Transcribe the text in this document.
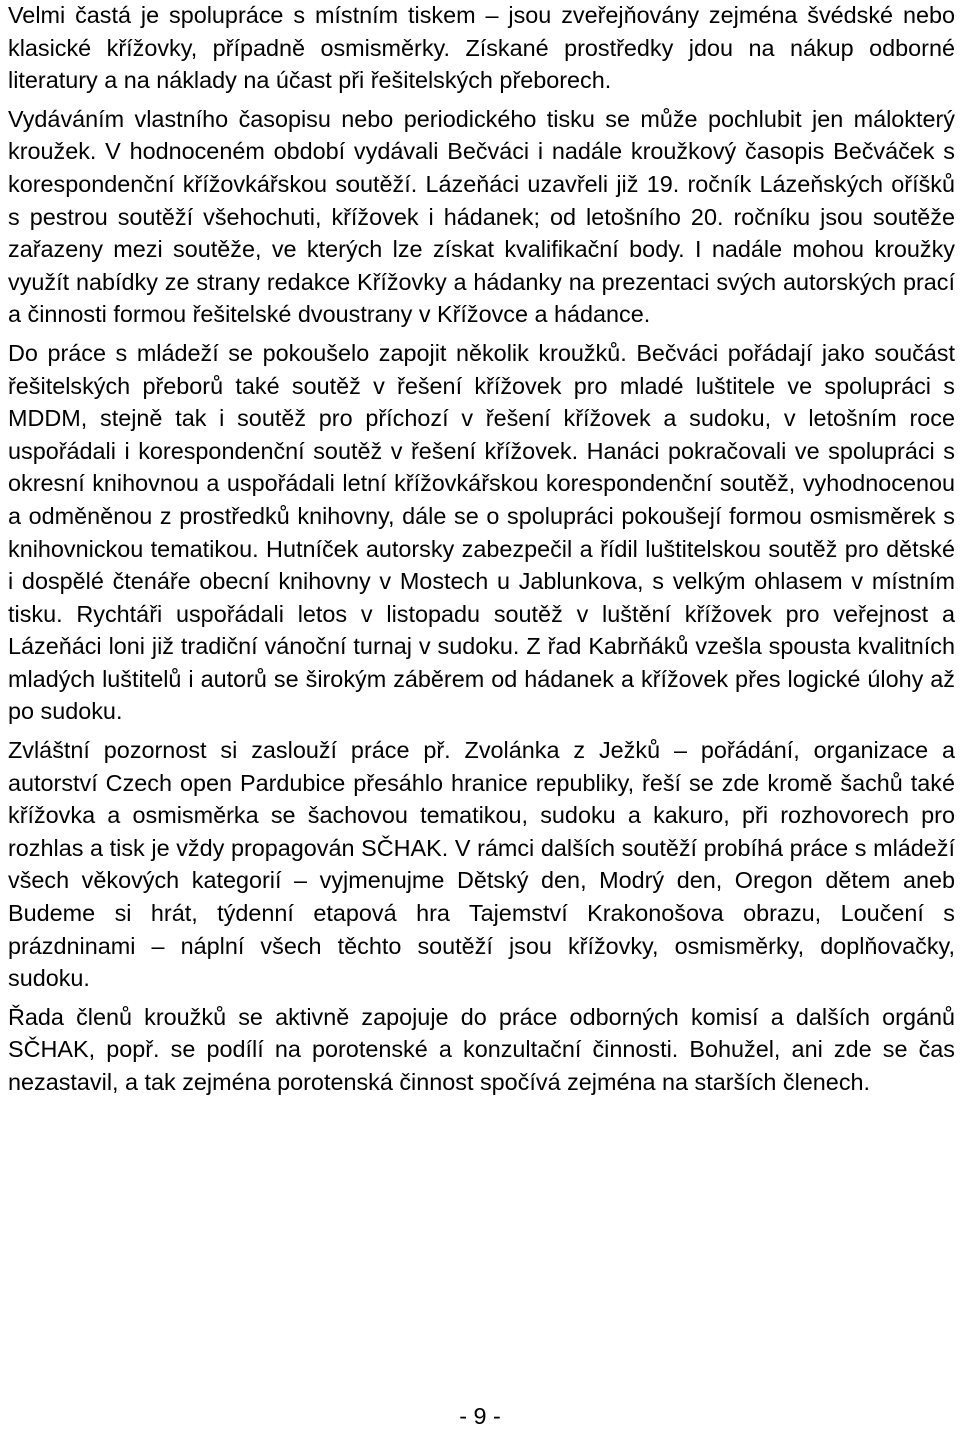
Velmi častá je spolupráce s místním tiskem – jsou zveřejňovány zejména švédské nebo klasické křížovky, případně osmisměrky. Získané prostředky jdou na nákup odborné literatury a na náklady na účast při řešitelských přeborech.

Vydáváním vlastního časopisu nebo periodického tisku se může pochlubit jen málokterý kroužek. V hodnoceném období vydávali Bečváci i nadále kroužkový časopis Bečváček s korespondenční křížovkářskou soutěží. Lázeňáci uzavřeli již 19. ročník Lázeňských oříšků s pestrou soutěží všehochuti, křížovek i hádanek; od letošního 20. ročníku jsou soutěže zařazeny mezi soutěže, ve kterých lze získat kvalifikační body. I nadále mohou kroužky využít nabídky ze strany redakce Křížovky a hádanky na prezentaci svých autorských prací a činnosti formou řešitelské dvoustrany v Křížovce a hádance.

Do práce s mládeží se pokoušelo zapojit několik kroužků. Bečváci pořádají jako součást řešitelských přeborů také soutěž v řešení křížovek pro mladé luštitele ve spolupráci s MDDM, stejně tak i soutěž pro příchozí v řešení křížovek a sudoku, v letošním roce uspořádali i korespondenční soutěž v řešení křížovek. Hanáci pokračovali ve spolupráci s okresní knihovnou a uspořádali letní křížovkářskou korespondenční soutěž, vyhodnocenou a odměněnou z prostředků knihovny, dále se o spolupráci pokoušejí formou osmisměrek s knihovnickou tematikou. Hutníček autorsky zabezpečil a řídil luštitelskou soutěž pro dětské i dospělé čtenáře obecní knihovny v Mostech u Jablunkova, s velkým ohlasem v místním tisku. Rychtáři uspořádali letos v listopadu soutěž v luštění křížovek pro veřejnost a Lázeňáci loni již tradiční vánoční turnaj v sudoku. Z řad Kabrňáků vzešla spousta kvalitních mladých luštitelů i autorů se širokým záběrem od hádanek a křížovek přes logické úlohy až po sudoku.

Zvláštní pozornost si zaslouží práce př. Zvolánka z Ježků – pořádání, organizace a autorství Czech open Pardubice přesáhlo hranice republiky, řeší se zde kromě šachů také křížovka a osmisměrka se šachovou tematikou, sudoku a kakuro, při rozhovorech pro rozhlas a tisk je vždy propagován SČHAK. V rámci dalších soutěží probíhá práce s mládeží všech věkových kategorií – vyjmenujme Dětský den, Modrý den, Oregon dětem aneb Budeme si hrát, týdenní etapová hra Tajemství Krakonošova obrazu, Loučení s prázdninami – náplní všech těchto soutěží jsou křížovky, osmisměrky, doplňovačky, sudoku.

Řada členů kroužků se aktivně zapojuje do práce odborných komisí a dalších orgánů SČHAK, popř. se podílí na porotenské a konzultační činnosti. Bohužel, ani zde se čas nezastavil, a tak zejména porotenská činnost spočívá zejména na starších členech.

- 9 -
